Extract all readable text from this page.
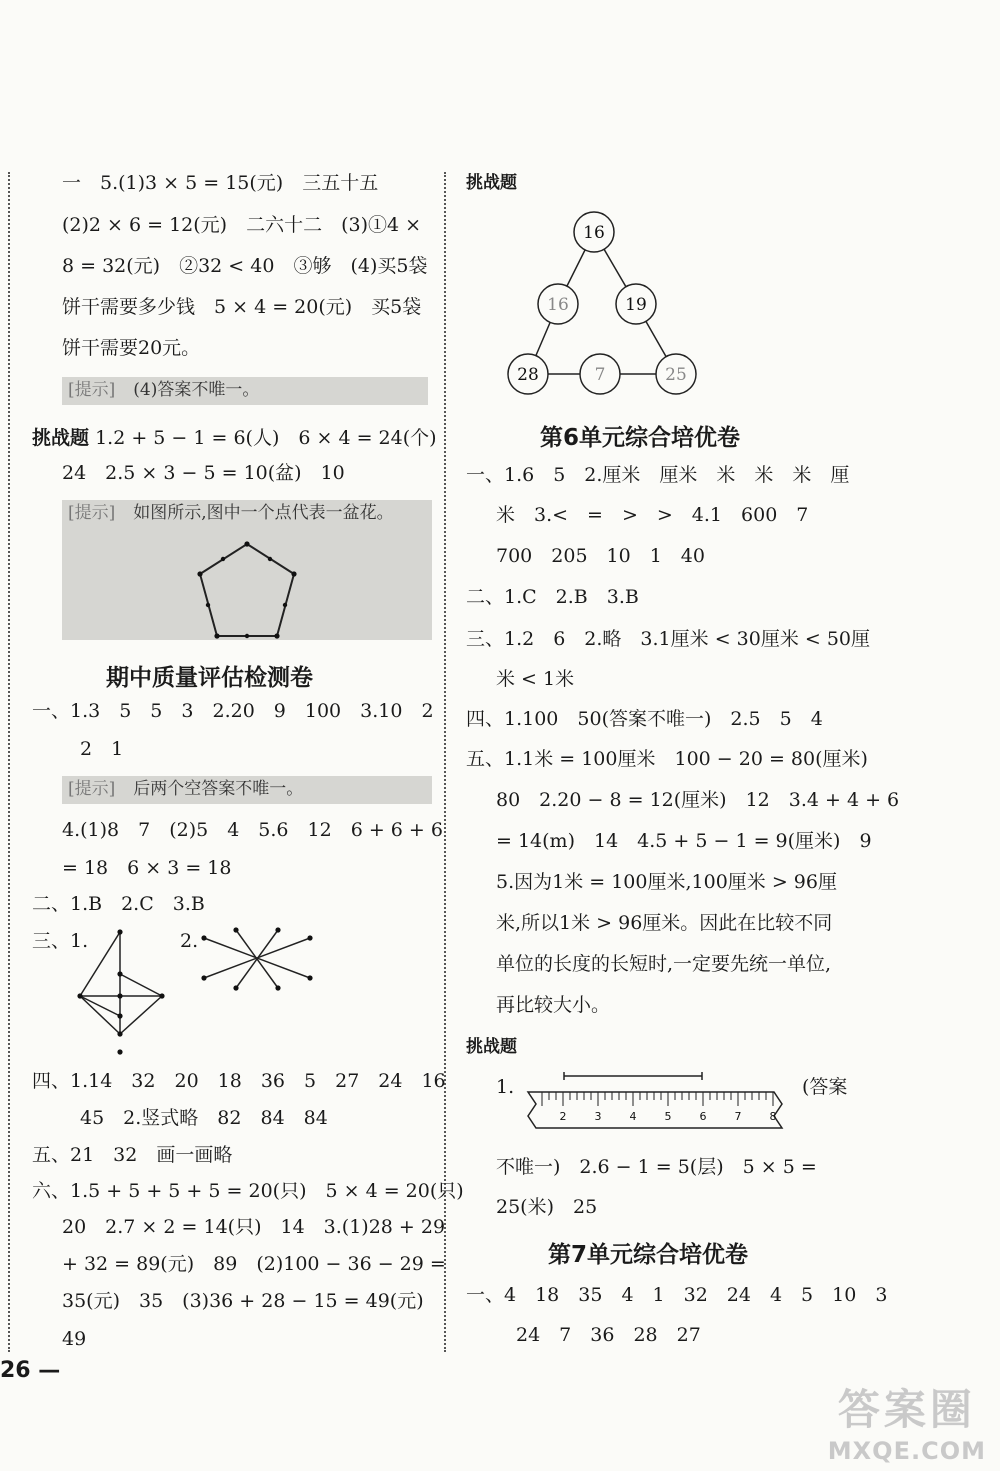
一　5.(1)3 × 5 = 15(元)　三五十五
(2)2 × 6 = 12(元)　二六十二　(3)①4 ×
8 = 32(元)　②32 < 40　③够　(4)买5袋
饼干需要多少钱　5 × 4 = 20(元)　买5袋
饼干需要20元。
[提示] (4)答案不唯一。
挑战题 1.2 + 5 − 1 = 6(人)　6 × 4 = 24(个)
24　2.5 × 3 − 5 = 10(盆)　10
[提示] 如图所示,图中一个点代表一盆花。
期中质量评估检测卷
一、1.3　5　5　3　2.20　9　100　3.10　2
2　1
[提示] 后两个空答案不唯一。
4.(1)8　7　(2)5　4　5.6　12　6 + 6 + 6
= 18　6 × 3 = 18
二、1.B　2.C　3.B
三、1.	2.
四、1.14　32　20　18　36　5　27　24　16
45　2.竖式略　82　84　84
五、21　32　画一画略
六、1.5 + 5 + 5 + 5 = 20(只)　5 × 4 = 20(只)
20　2.7 × 2 = 14(只)　14　3.(1)28 + 29
+ 32 = 89(元)　89　(2)100 − 36 − 29 =
35(元)　35　(3)36 + 28 − 15 = 49(元)
49
26 —
挑战题
16
16	19
28	7	25
第6单元综合培优卷
一、1.6　5　2.厘米　厘米　米　米　米　厘
米　3.<　=　>　>　4.1　600　7
700　205　10　1　40
二、1.C　2.B　3.B
三、1.2　6　2.略　3.1厘米 < 30厘米 < 50厘
米 < 1米
四、1.100　50(答案不唯一)　2.5　5　4
五、1.1米 = 100厘米　100 − 20 = 80(厘米)
80　2.20 − 8 = 12(厘米)　12　3.4 + 4 + 6
= 14(m)　14　4.5 + 5 − 1 = 9(厘米)　9
5.因为1米 = 100厘米,100厘米 > 96厘
米,所以1米 > 96厘米。因此在比较不同
单位的长度的长短时,一定要先统一单位,
再比较大小。
挑战题
1.
2	3	4	5	6	7	8
(答案
不唯一)　2.6 − 1 = 5(层)　5 × 5 =
25(米)　25
第7单元综合培优卷
一、4　18　35　4　1　32　24　4　5　10　3
24　7　36　28　27
答案圈
MXQE.COM
